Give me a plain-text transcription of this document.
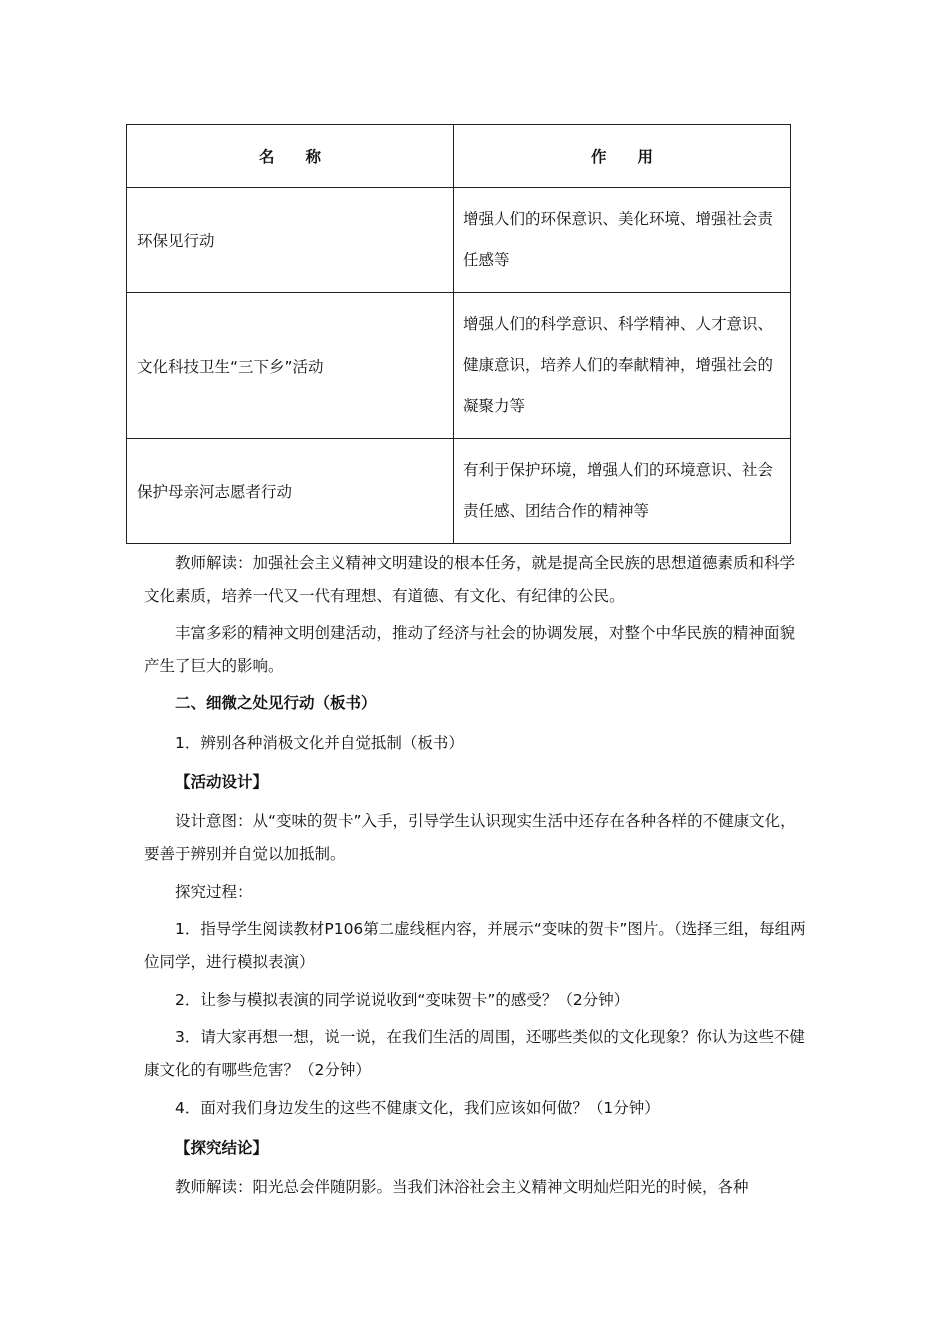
名　　称	作　　用
环保见行动	增强人们的环保意识、美化环境、增强社会责任感等
文化科技卫生“三下乡”活动	增强人们的科学意识、科学精神、人才意识、健康意识，培养人们的奉献精神，增强社会的凝聚力等
保护母亲河志愿者行动	有利于保护环境，增强人们的环境意识、社会责任感、团结合作的精神等

教师解读：加强社会主义精神文明建设的根本任务，就是提高全民族的思想道德素质和科学文化素质，培养一代又一代有理想、有道德、有文化、有纪律的公民。

丰富多彩的精神文明创建活动，推动了经济与社会的协调发展，对整个中华民族的精神面貌产生了巨大的影响。

二、细微之处见行动（板书）
1．辨别各种消极文化并自觉抵制（板书）
【活动设计】

设计意图：从“变味的贺卡”入手，引导学生认识现实生活中还存在各种各样的不健康文化，要善于辨别并自觉以加抵制。

探究过程：

1．指导学生阅读教材P106第二虚线框内容，并展示“变味的贺卡”图片。（选择三组，每组两位同学，进行模拟表演）

2．让参与模拟表演的同学说说收到“变味贺卡”的感受？（2分钟）

3．请大家再想一想，说一说，在我们生活的周围，还哪些类似的文化现象？你认为这些不健康文化的有哪些危害？（2分钟）

4．面对我们身边发生的这些不健康文化，我们应该如何做？（1分钟）
【探究结论】
教师解读：阳光总会伴随阴影。当我们沐浴社会主义精神文明灿烂阳光的时候，各种
